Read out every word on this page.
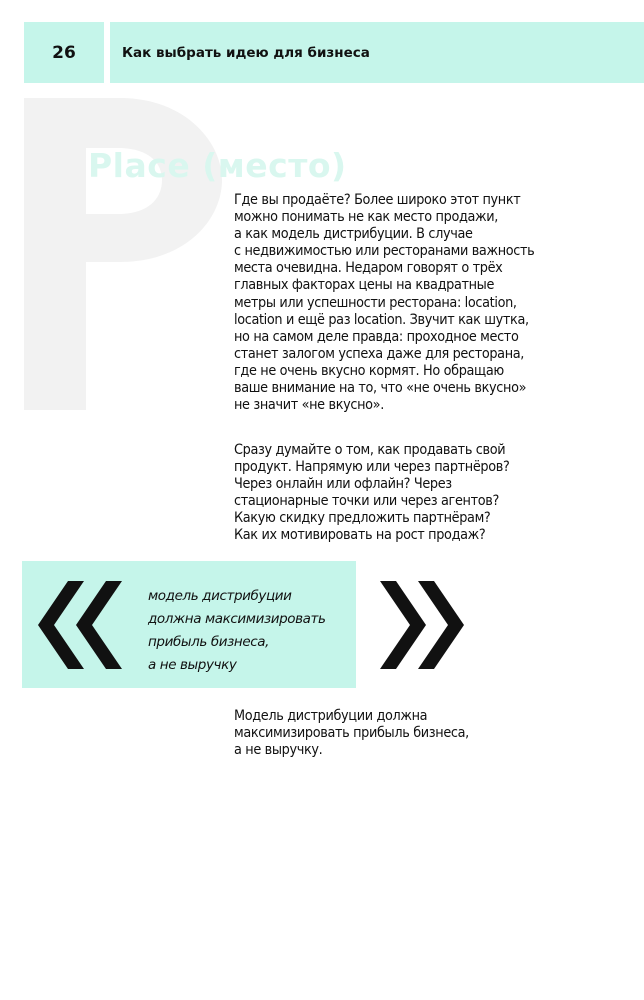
26	Как выбрать идею для бизнеса
Place (место)

Где вы продаёте? Более широко этот пункт
можно понимать не как место продажи,
а как модель дистрибуции. В случае
с недвижимостью или ресторанами важность
места очевидна. Недаром говорят о трёх
главных факторах цены на квадратные
метры или успешности ресторана: location,
location и ещё раз location. Звучит как шутка,
но на самом деле правда: проходное место
станет залогом успеха даже для ресторана,
где не очень вкусно кормят. Но обращаю
ваше внимание на то, что «не очень вкусно»
не значит «не вкусно».

Сразу думайте о том, как продавать свой
продукт. Напрямую или через партнёров?
Через онлайн или офлайн? Через
стационарные точки или через агентов?
Какую скидку предложить партнёрам?
Как их мотивировать на рост продаж?

модель дистрибуции
должна максимизировать
прибыль бизнеса,
а не выручку

Модель дистрибуции должна
максимизировать прибыль бизнеса,
а не выручку.
